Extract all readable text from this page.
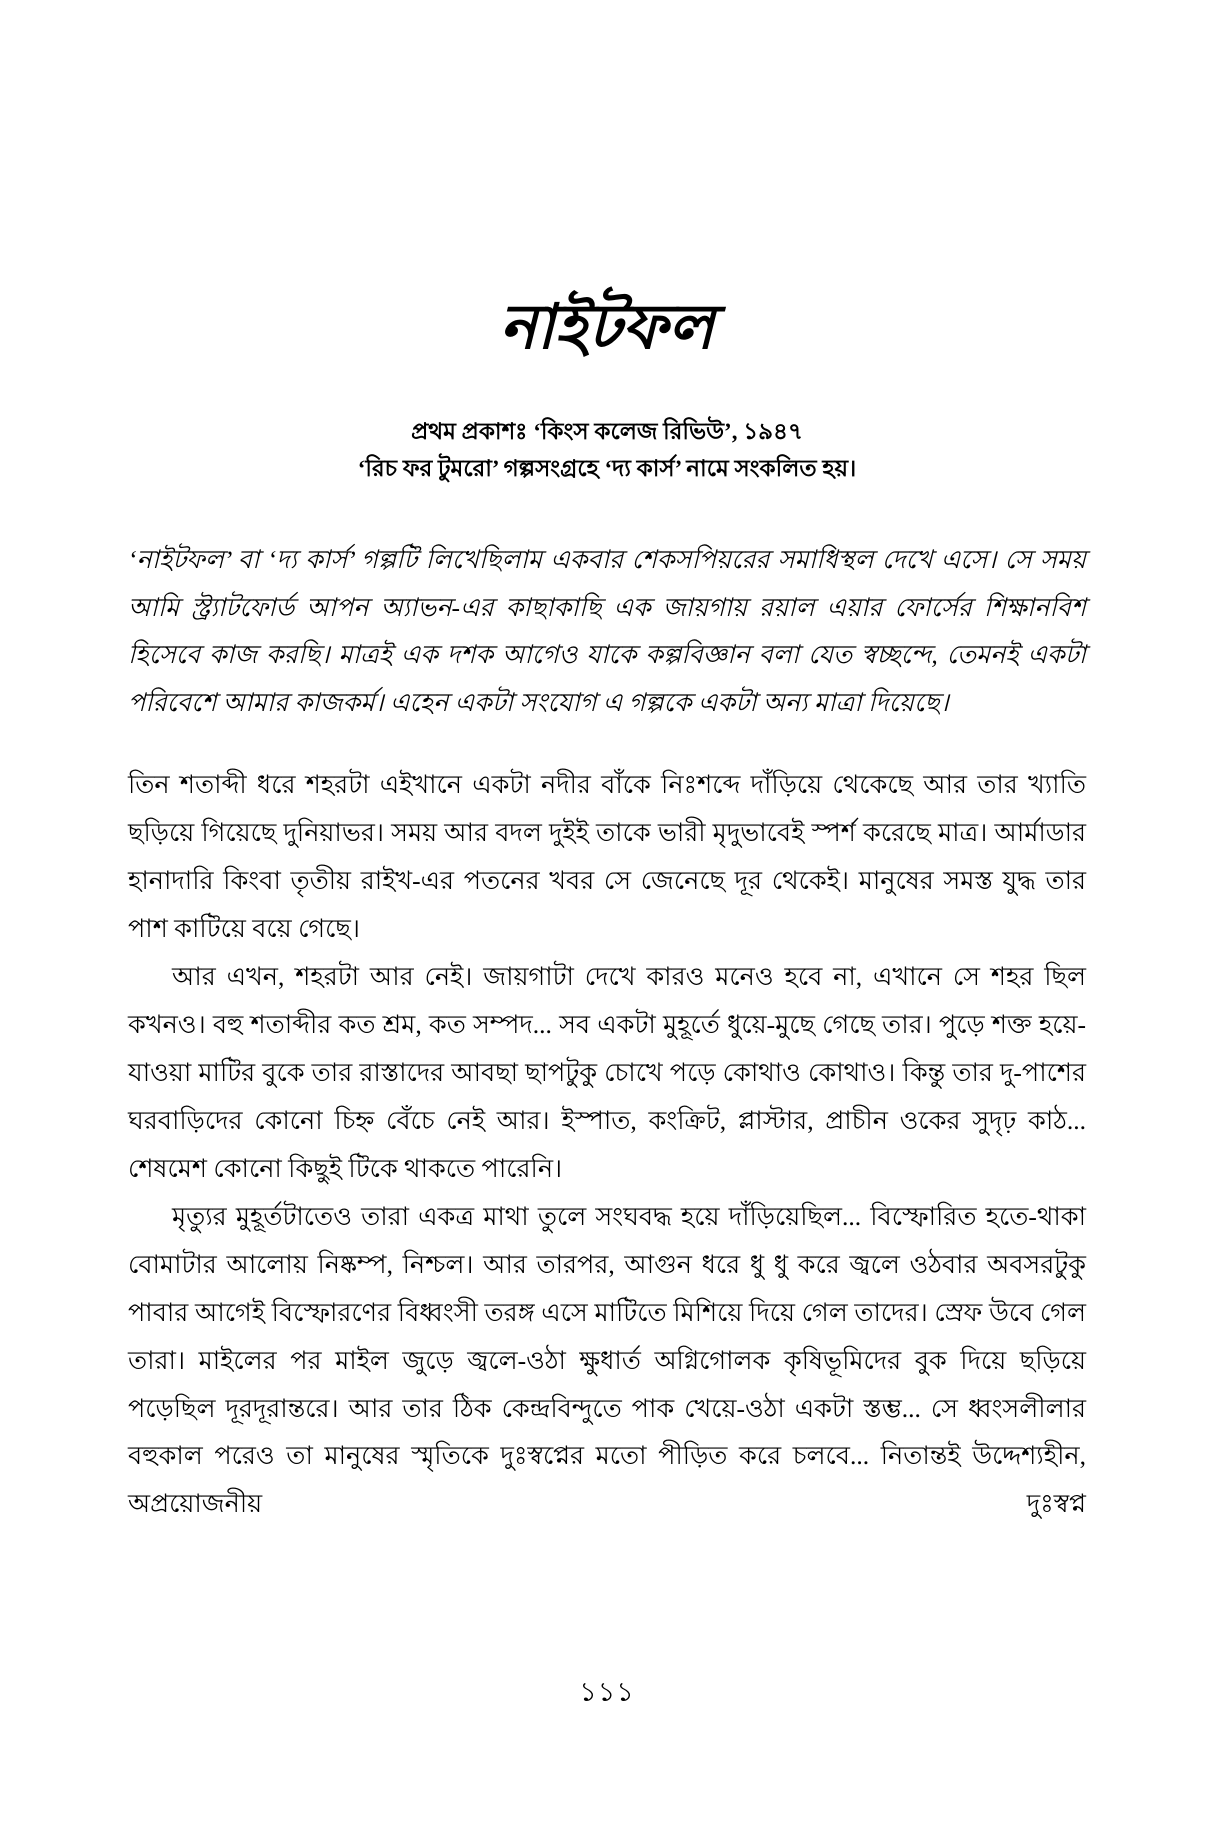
নাইটফল
প্রথম প্রকাশঃ ‘কিংস কলেজ রিভিউ’, ১৯৪৭
‘রিচ ফর টুমরো’ গল্পসংগ্রহে ‘দ্য কার্স’ নামে সংকলিত হয়।

‘নাইটফল’ বা ‘দ্য কার্স’ গল্পটি লিখেছিলাম একবার শেকসপিয়রের সমাধিস্থল দেখে এসে। সে সময় আমি স্ট্র্যাটফোর্ড আপন অ্যাভন-এর কাছাকাছি এক জায়গায় রয়াল এয়ার ফোর্সের শিক্ষানবিশ হিসেবে কাজ করছি। মাত্রই এক দশক আগেও যাকে কল্পবিজ্ঞান বলা যেত স্বচ্ছন্দে, তেমনই একটা পরিবেশে আমার কাজকর্ম। এহেন একটা সংযোগ এ গল্পকে একটা অন্য মাত্রা দিয়েছে।

তিন শতাব্দী ধরে শহরটা এইখানে একটা নদীর বাঁকে নিঃশব্দে দাঁড়িয়ে থেকেছে আর তার খ্যাতি ছড়িয়ে গিয়েছে দুনিয়াভর। সময় আর বদল দুইই তাকে ভারী মৃদুভাবেই স্পর্শ করেছে মাত্র। আর্মাডার হানাদারি কিংবা তৃতীয় রাইখ-এর পতনের খবর সে জেনেছে দূর থেকেই। মানুষের সমস্ত যুদ্ধ তার পাশ কাটিয়ে বয়ে গেছে।

আর এখন, শহরটা আর নেই। জায়গাটা দেখে কারও মনেও হবে না, এখানে সে শহর ছিল কখনও। বহু শতাব্দীর কত শ্রম, কত সম্পদ... সব একটা মুহূর্তে ধুয়ে-মুছে গেছে তার। পুড়ে শক্ত হয়ে-যাওয়া মাটির বুকে তার রাস্তাদের আবছা ছাপটুকু চোখে পড়ে কোথাও কোথাও। কিন্তু তার দু-পাশের ঘরবাড়িদের কোনো চিহ্ন বেঁচে নেই আর। ইস্পাত, কংক্রিট, প্লাস্টার, প্রাচীন ওকের সুদৃঢ় কাঠ... শেষমেশ কোনো কিছুই টিকে থাকতে পারেনি।

মৃত্যুর মুহূর্তটাতেও তারা একত্র মাথা তুলে সংঘবদ্ধ হয়ে দাঁড়িয়েছিল... বিস্ফোরিত হতে-থাকা বোমাটার আলোয় নিষ্কম্প, নিশ্চল। আর তারপর, আগুন ধরে ধু ধু করে জ্বলে ওঠবার অবসরটুকু পাবার আগেই বিস্ফোরণের বিধ্বংসী তরঙ্গ এসে মাটিতে মিশিয়ে দিয়ে গেল তাদের। স্রেফ উবে গেল তারা। মাইলের পর মাইল জুড়ে জ্বলে-ওঠা ক্ষুধার্ত অগ্নিগোলক কৃষিভূমিদের বুক দিয়ে ছড়িয়ে পড়েছিল দূরদূরান্তরে। আর তার ঠিক কেন্দ্রবিন্দুতে পাক খেয়ে-ওঠা একটা স্তম্ভ... সে ধ্বংসলীলার বহুকাল পরেও তা মানুষের স্মৃতিকে দুঃস্বপ্নের মতো পীড়িত করে চলবে... নিতান্তই উদ্দেশ্যহীন, অপ্রয়োজনীয় দুঃস্বপ্ন

১১১
